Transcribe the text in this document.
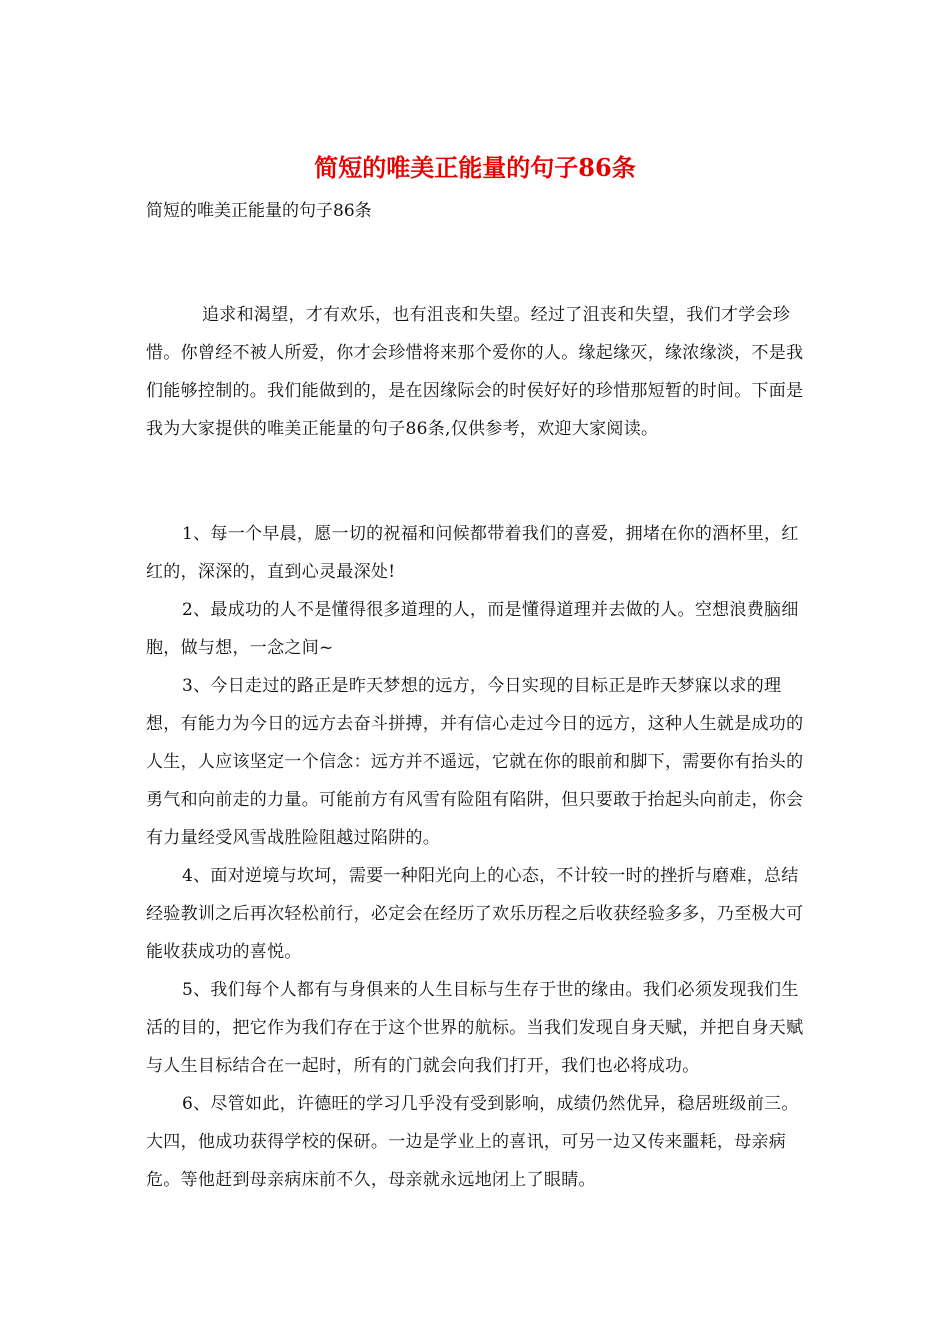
简短的唯美正能量的句子86条

简短的唯美正能量的句子86条

追求和渴望，才有欢乐，也有沮丧和失望。经过了沮丧和失望，我们才学会珍惜。你曾经不被人所爱，你才会珍惜将来那个爱你的人。缘起缘灭，缘浓缘淡，不是我们能够控制的。我们能做到的，是在因缘际会的时侯好好的珍惜那短暂的时间。下面是我为大家提供的唯美正能量的句子86条,仅供参考，欢迎大家阅读。

1、每一个早晨，愿一切的祝福和问候都带着我们的喜爱，拥堵在你的酒杯里，红红的，深深的，直到心灵最深处!

2、最成功的人不是懂得很多道理的人，而是懂得道理并去做的人。空想浪费脑细胞，做与想，一念之间~

3、今日走过的路正是昨天梦想的远方，今日实现的目标正是昨天梦寐以求的理想，有能力为今日的远方去奋斗拼搏，并有信心走过今日的远方，这种人生就是成功的人生，人应该坚定一个信念：远方并不遥远，它就在你的眼前和脚下，需要你有抬头的勇气和向前走的力量。可能前方有风雪有险阻有陷阱，但只要敢于抬起头向前走，你会有力量经受风雪战胜险阻越过陷阱的。

4、面对逆境与坎坷，需要一种阳光向上的心态，不计较一时的挫折与磨难，总结经验教训之后再次轻松前行，必定会在经历了欢乐历程之后收获经验多多，乃至极大可能收获成功的喜悦。

5、我们每个人都有与身俱来的人生目标与生存于世的缘由。我们必须发现我们生活的目的，把它作为我们存在于这个世界的航标。当我们发现自身天赋，并把自身天赋与人生目标结合在一起时，所有的门就会向我们打开，我们也必将成功。

6、尽管如此，许德旺的学习几乎没有受到影响，成绩仍然优异，稳居班级前三。大四，他成功获得学校的保研。一边是学业上的喜讯，可另一边又传来噩耗，母亲病危。等他赶到母亲病床前不久，母亲就永远地闭上了眼睛。
